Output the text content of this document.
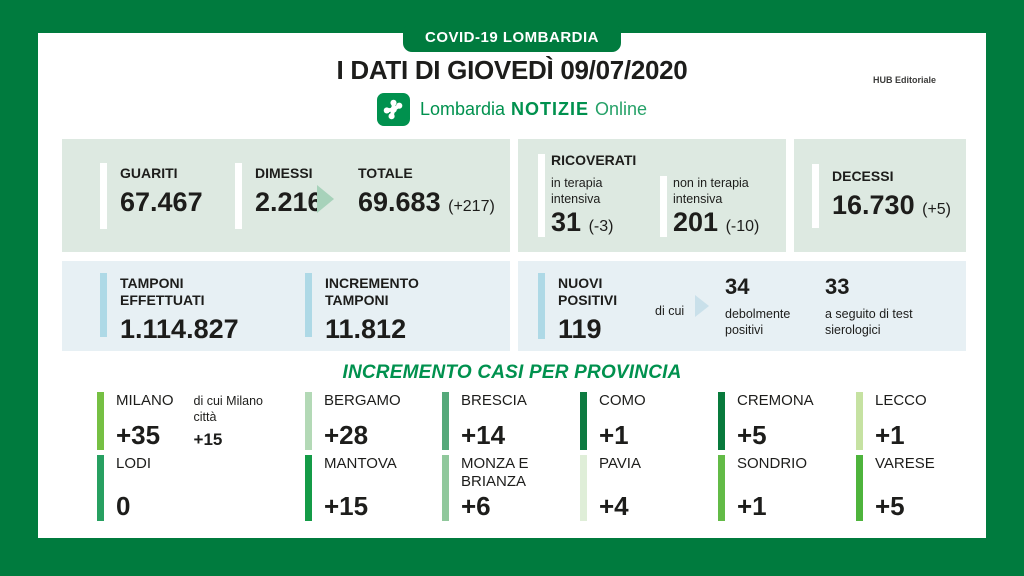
I DATI DI GIOVEDÌ 09/07/2020	HUB Editoriale
Lombardia NOTIZIE Online
GUARITI
67.467
DIMESSI
2.216
TOTALE
69.683 (+217)
RICOVERATI
in terapia intensiva
31 (-3)
non in terapia intensiva
201 (-10)
DECESSI
16.730 (+5)
TAMPONI EFFETTUATI
1.114.827
INCREMENTO TAMPONI
11.812
NUOVI POSITIVI
119
di cui
34
debolmente positivi
33
a seguito di test sierologici
INCREMENTO CASI PER PROVINCIA
MILANO
+35
di cui Milano città
+15
BERGAMO
+28
BRESCIA
+14
COMO
+1
CREMONA
+5
LECCO
+1
LODI
0
MANTOVA
+15
MONZA E BRIANZA
+6
PAVIA
+4
SONDRIO
+1
VARESE
+5
COVID-19 LOMBARDIA
